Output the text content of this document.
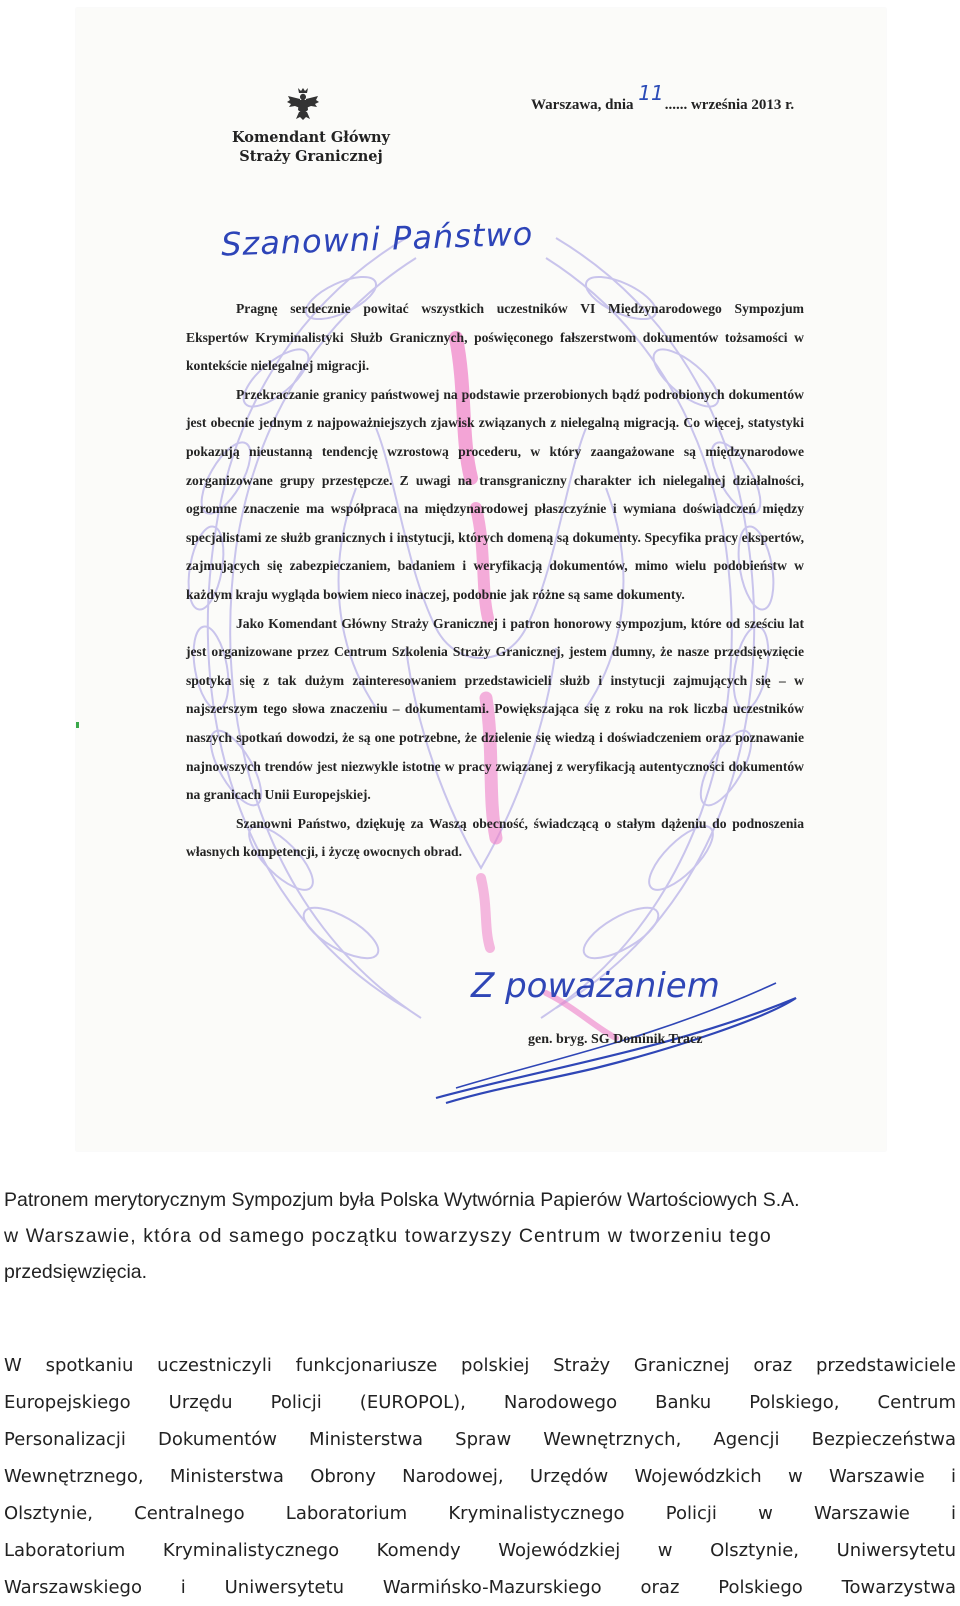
Komendant Główny
Straży Granicznej
Warszawa, dnia 11...... września 2013 r.
Szanowni Państwo

Pragnę serdecznie powitać wszystkich uczestników VI Międzynarodowego Sympozjum Ekspertów Kryminalistyki Służb Granicznych, poświęconego fałszerstwom dokumentów tożsamości w kontekście nielegalnej migracji.

Przekraczanie granicy państwowej na podstawie przerobionych bądź podrobionych dokumentów jest obecnie jednym z najpoważniejszych zjawisk związanych z nielegalną migracją. Co więcej, statystyki pokazują nieustanną tendencję wzrostową procederu, w który zaangażowane są międzynarodowe zorganizowane grupy przestępcze. Z uwagi na transgraniczny charakter ich nielegalnej działalności, ogromne znaczenie ma współpraca na międzynarodowej płaszczyźnie i wymiana doświadczeń między specjalistami ze służb granicznych i instytucji, których domeną są dokumenty. Specyfika pracy ekspertów, zajmujących się zabezpieczaniem, badaniem i weryfikacją dokumentów, mimo wielu podobieństw w każdym kraju wygląda bowiem nieco inaczej, podobnie jak różne są same dokumenty.

Jako Komendant Główny Straży Granicznej i patron honorowy sympozjum, które od sześciu lat jest organizowane przez Centrum Szkolenia Straży Granicznej, jestem dumny, że nasze przedsięwzięcie spotyka się z tak dużym zainteresowaniem przedstawicieli służb i instytucji zajmujących się – w najszerszym tego słowa znaczeniu – dokumentami. Powiększająca się z roku na rok liczba uczestników naszych spotkań dowodzi, że są one potrzebne, że dzielenie się wiedzą i doświadczeniem oraz poznawanie najnowszych trendów jest niezwykle istotne w pracy związanej z weryfikacją autentyczności dokumentów na granicach Unii Europejskiej.

Szanowni Państwo, dziękuję za Waszą obecność, świadczącą o stałym dążeniu do podnoszenia własnych kompetencji, i życzę owocnych obrad.

Z poważaniem
gen. bryg. SG Dominik Tracz
Patronem merytorycznym Sympozjum była Polska Wytwórnia Papierów Wartościowych S.A.
w Warszawie, która od samego początku towarzyszy Centrum w tworzeniu tego
przedsięwzięcia.
W spotkaniu uczestniczyli funkcjonariusze polskiej Straży Granicznej oraz przedstawiciele
Europejskiego Urzędu Policji (EUROPOL), Narodowego Banku Polskiego, Centrum
Personalizacji Dokumentów Ministerstwa Spraw Wewnętrznych, Agencji Bezpieczeństwa
Wewnętrznego, Ministerstwa Obrony Narodowej, Urzędów Wojewódzkich w Warszawie i
Olsztynie, Centralnego Laboratorium Kryminalistycznego Policji w Warszawie i
Laboratorium Kryminalistycznego Komendy Wojewódzkiej w Olsztynie, Uniwersytetu
Warszawskiego i Uniwersytetu Warmińsko-Mazurskiego oraz Polskiego Towarzystwa
